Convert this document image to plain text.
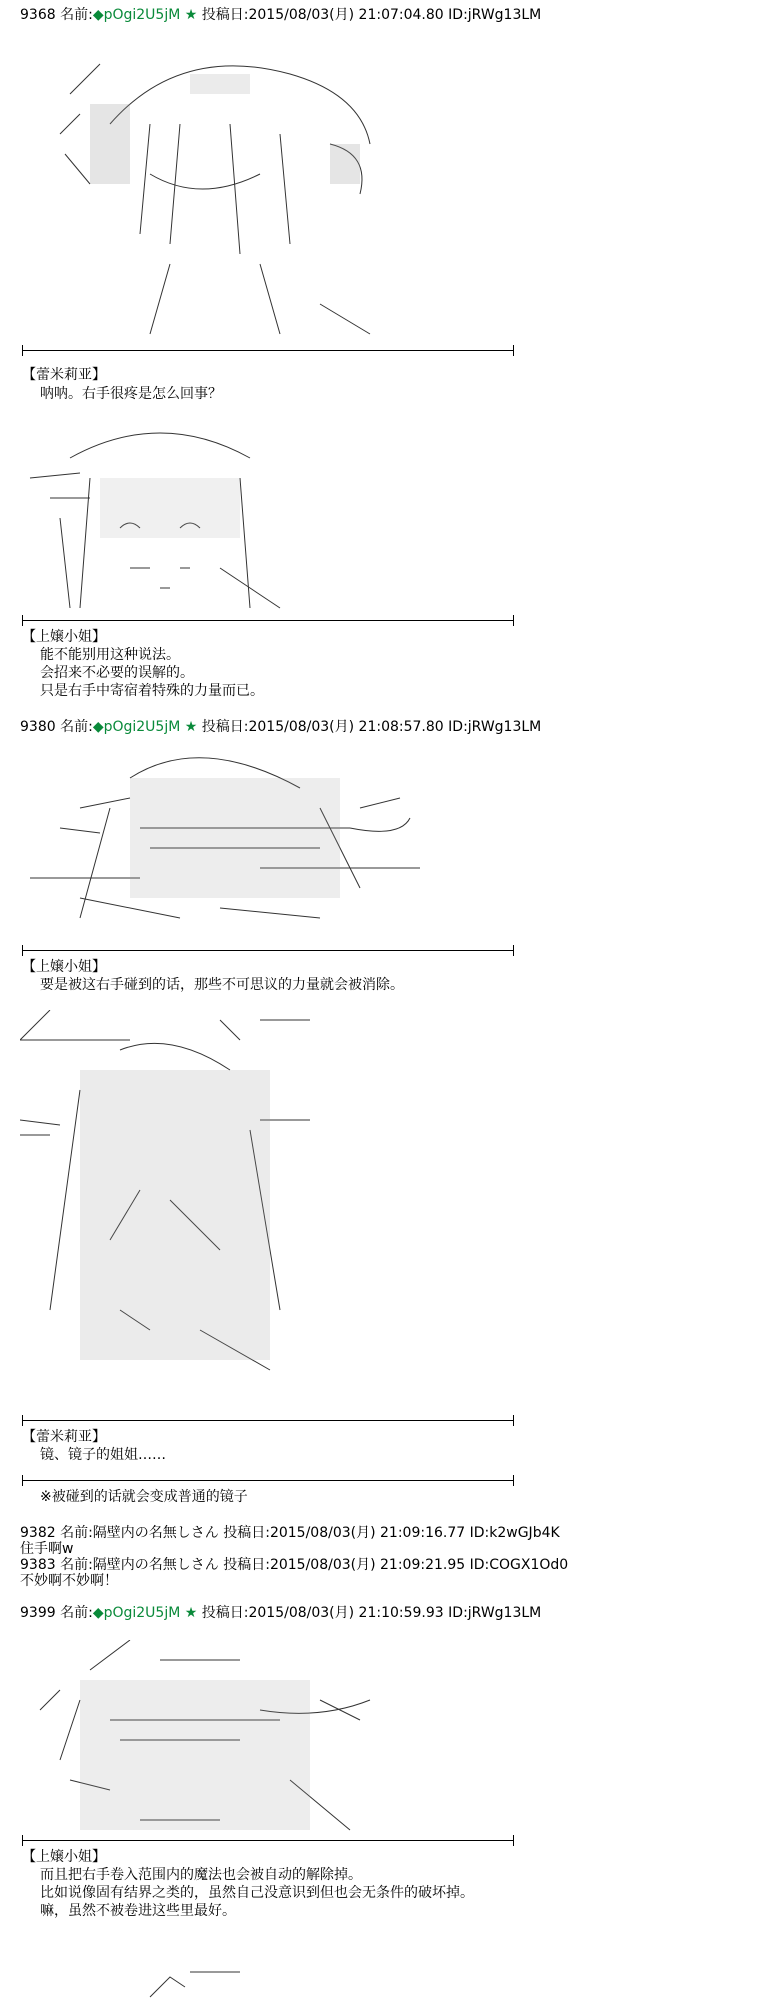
9368 名前:◆pOgi2U5jM ★ 投稿日:2015/08/03(月) 21:07:04.80 ID:jRWg13LM
【蕾米莉亚】
呐呐。右手很疼是怎么回事？
【上嬢小姐】
能不能别用这种说法。
会招来不必要的误解的。
只是右手中寄宿着特殊的力量而已。
9380 名前:◆pOgi2U5jM ★ 投稿日:2015/08/03(月) 21:08:57.80 ID:jRWg13LM
【上嬢小姐】
要是被这右手碰到的话，那些不可思议的力量就会被消除。
【蕾米莉亚】
镜、镜子的姐姐……
※被碰到的话就会变成普通的镜子
9382 名前:隔壁内の名無しさん 投稿日:2015/08/03(月) 21:09:16.77 ID:k2wGJb4K
住手啊w
9383 名前:隔壁内の名無しさん 投稿日:2015/08/03(月) 21:09:21.95 ID:COGX1Od0
不妙啊不妙啊！
9399 名前:◆pOgi2U5jM ★ 投稿日:2015/08/03(月) 21:10:59.93 ID:jRWg13LM
【上嬢小姐】
而且把右手卷入范围内的魔法也会被自动的解除掉。
比如说像固有结界之类的，虽然自己没意识到但也会无条件的破坏掉。
嘛，虽然不被卷进这些里最好。
